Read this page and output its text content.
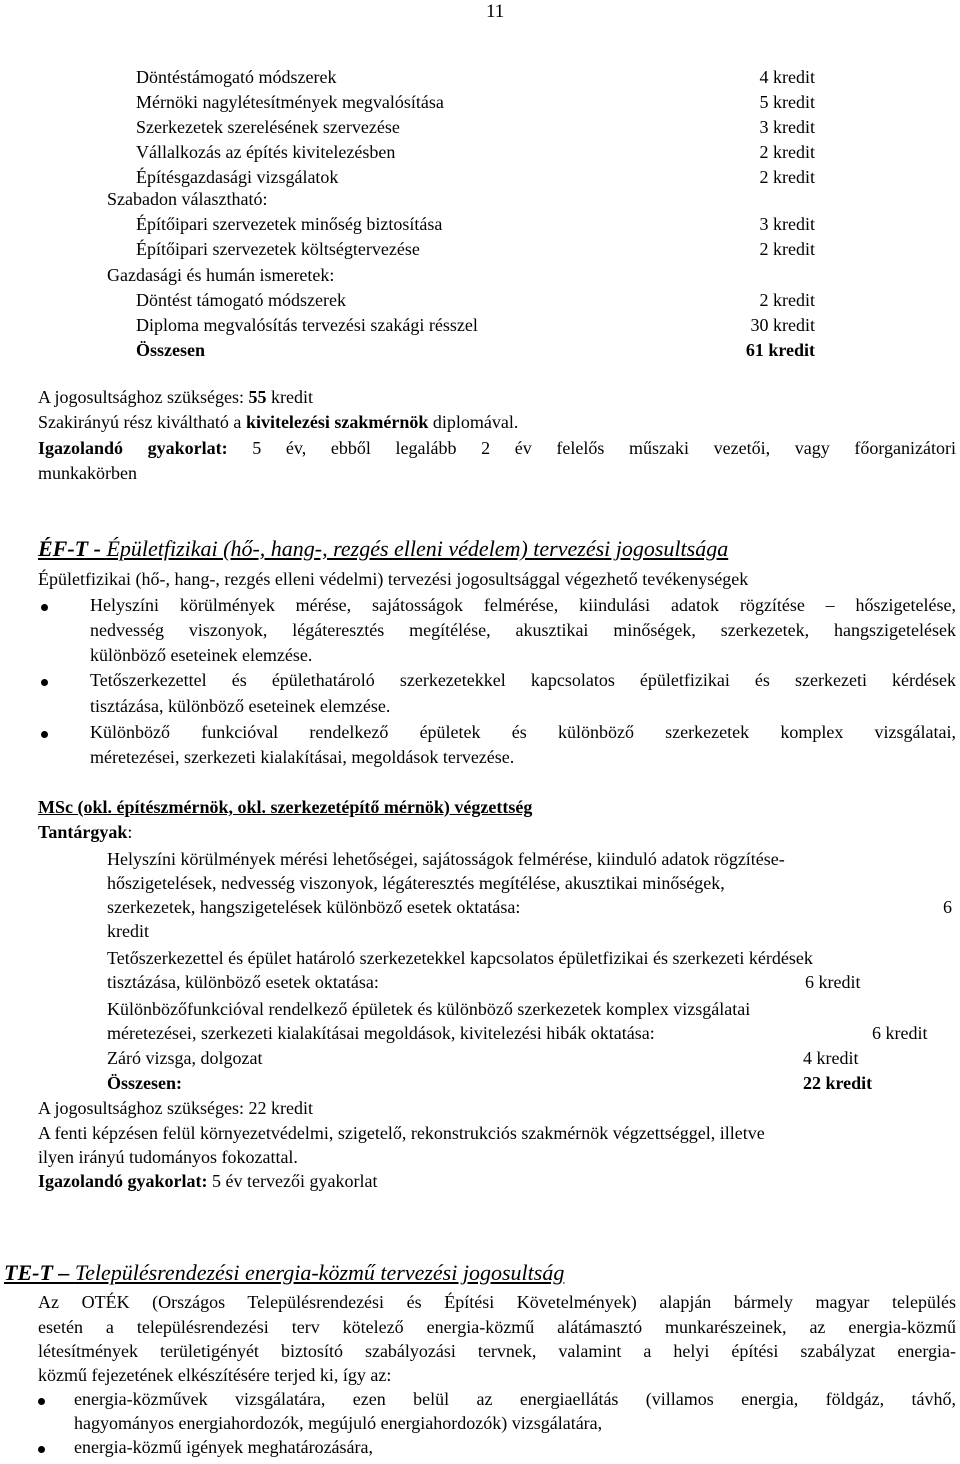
11
Döntéstámogató módszerek	4 kredit
Mérnöki nagylétesítmények megvalósítása	5 kredit
Szerkezetek szerelésének szervezése	3 kredit
Vállalkozás az építés kivitelezésben	2 kredit
Építésgazdasági vizsgálatok	2 kredit
Szabadon választható:
Építőipari szervezetek minőség biztosítása	3 kredit
Építőipari szervezetek költségtervezése	2 kredit
Gazdasági és humán ismeretek:
Döntést támogató módszerek	2 kredit
Diploma megvalósítás tervezési szakági résszel	30 kredit
Összesen	61 kredit
A jogosultsághoz szükséges: 55 kredit
Szakirányú rész kiváltható a kivitelezési szakmérnök diplomával.
Igazolandó gyakorlat: 5 év, ebből legalább 2 év felelős műszaki vezetői, vagy főorganizátori
munkakörben
ÉF-T - Épületfizikai (hő-, hang-, rezgés elleni védelem) tervezési jogosultsága
Épületfizikai (hő-, hang-, rezgés elleni védelmi) tervezési jogosultsággal végezhető tevékenységek
Helyszíni körülmények mérése, sajátosságok felmérése, kiindulási adatok rögzítése – hőszigetelése,
nedvesség viszonyok, légáteresztés megítélése, akusztikai minőségek, szerkezetek, hangszigetelések
különböző eseteinek elemzése.
Tetőszerkezettel és épülethatároló szerkezetekkel kapcsolatos épületfizikai és szerkezeti kérdések
tisztázása, különböző eseteinek elemzése.
Különböző funkcióval rendelkező épületek és különböző szerkezetek komplex vizsgálatai,
méretezései, szerkezeti kialakításai, megoldások tervezése.
MSc (okl. építészmérnök, okl. szerkezetépítő mérnök) végzettség
Tantárgyak:
Helyszíni körülmények mérési lehetőségei, sajátosságok felmérése, kiinduló adatok rögzítése-
hőszigetelések, nedvesség viszonyok, légáteresztés megítélése, akusztikai minőségek,
szerkezetek, hangszigetelések különböző esetek oktatása:	6
kredit
Tetőszerkezettel és épület határoló szerkezetekkel kapcsolatos épületfizikai és szerkezeti kérdések
tisztázása, különböző esetek oktatása:	6 kredit
Különbözőfunkcióval rendelkező épületek és különböző szerkezetek komplex vizsgálatai
méretezései, szerkezeti kialakításai megoldások, kivitelezési hibák oktatása:	6 kredit
Záró vizsga, dolgozat	4 kredit
Összesen:	22 kredit
A jogosultsághoz szükséges: 22 kredit
A fenti képzésen felül környezetvédelmi, szigetelő, rekonstrukciós szakmérnök végzettséggel, illetve
ilyen irányú tudományos fokozattal.
Igazolandó gyakorlat: 5 év tervezői gyakorlat
TE-T – Településrendezési energia-közmű tervezési jogosultság
Az OTÉK (Országos Településrendezési és Építési Követelmények) alapján bármely magyar település
esetén a településrendezési terv kötelező energia-közmű alátámasztó munkarészeinek, az energia-közmű
létesítmények területigényét biztosító szabályozási tervnek, valamint a helyi építési szabályzat energia-
közmű fejezetének elkészítésére terjed ki, így az:
energia-közművek vizsgálatára, ezen belül az energiaellátás (villamos energia, földgáz, távhő,
hagyományos energiahordozók, megújuló energiahordozók) vizsgálatára,
energia-közmű igények meghatározására,
